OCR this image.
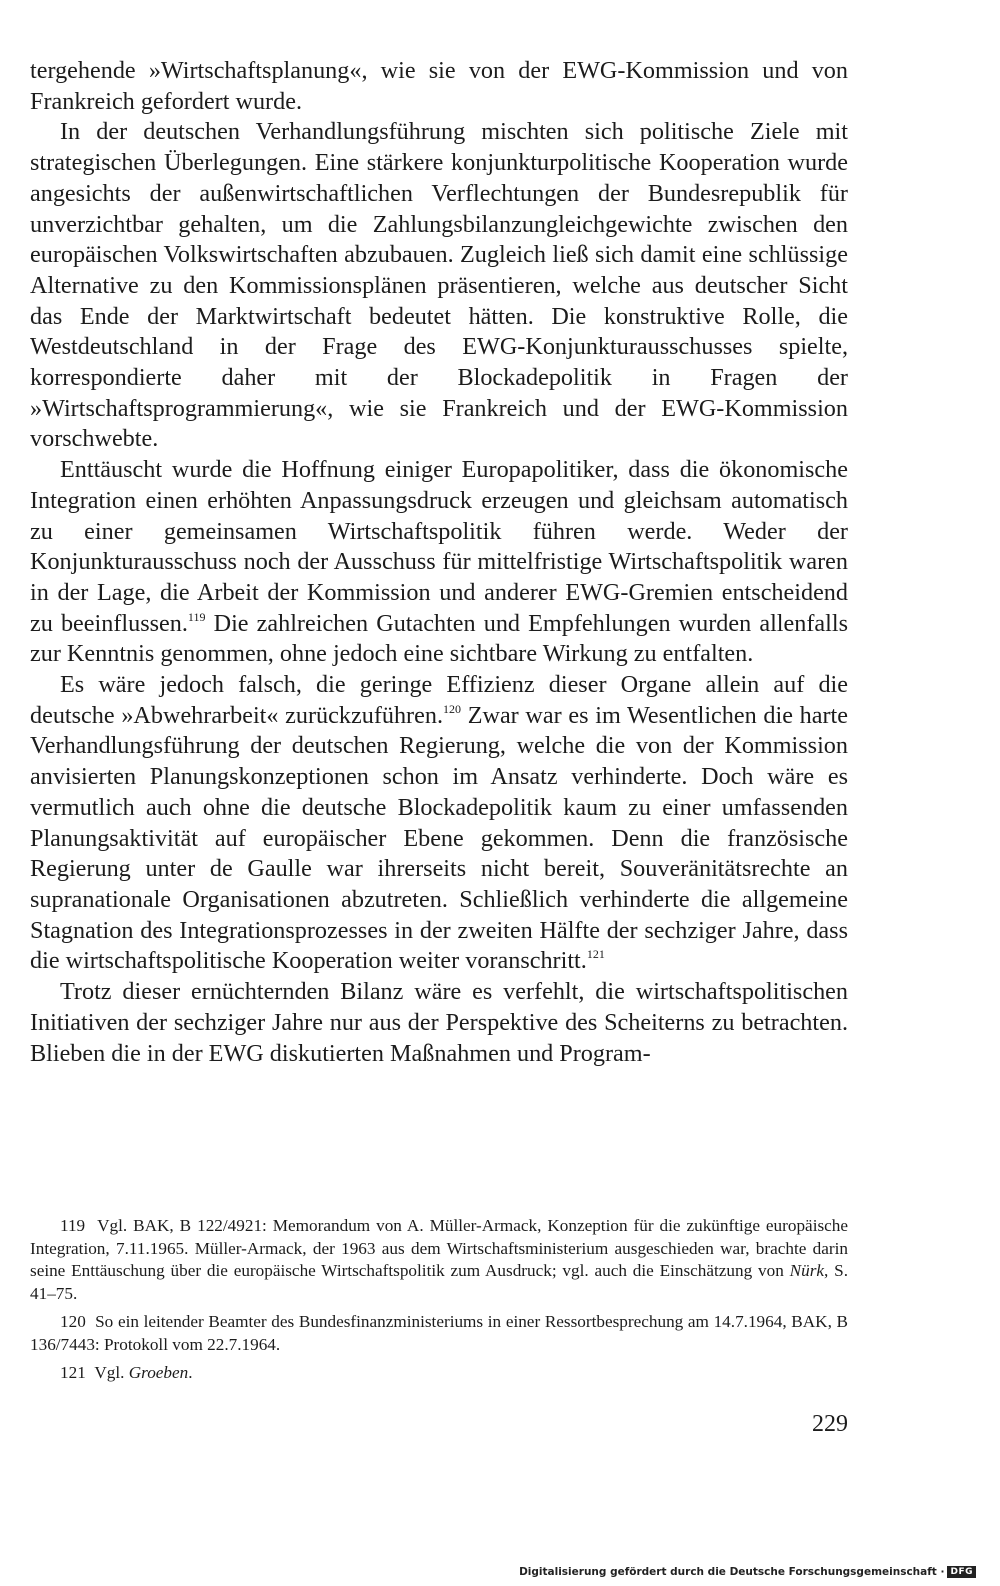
tergehende »Wirtschaftsplanung«, wie sie von der EWG-Kommission und von Frankreich gefordert wurde.

In der deutschen Verhandlungsführung mischten sich politische Ziele mit strategischen Überlegungen. Eine stärkere konjunkturpolitische Kooperation wurde angesichts der außenwirtschaftlichen Verflechtungen der Bundesrepublik für unverzichtbar gehalten, um die Zahlungsbilanzungleichgewichte zwischen den europäischen Volkswirtschaften abzubauen. Zugleich ließ sich damit eine schlüssige Alternative zu den Kommissionsplänen präsentieren, welche aus deutscher Sicht das Ende der Marktwirtschaft bedeutet hätten. Die konstruktive Rolle, die Westdeutschland in der Frage des EWG-Konjunkturausschusses spielte, korrespondierte daher mit der Blockadepolitik in Fragen der »Wirtschaftsprogrammierung«, wie sie Frankreich und der EWG-Kommission vorschwebte.

Enttäuscht wurde die Hoffnung einiger Europapolitiker, dass die ökonomische Integration einen erhöhten Anpassungsdruck erzeugen und gleichsam automatisch zu einer gemeinsamen Wirtschaftspolitik führen werde. Weder der Konjunkturausschuss noch der Ausschuss für mittelfristige Wirtschaftspolitik waren in der Lage, die Arbeit der Kommission und anderer EWG-Gremien entscheidend zu beeinflussen.$^{119}$ Die zahlreichen Gutachten und Empfehlungen wurden allenfalls zur Kenntnis genommen, ohne jedoch eine sichtbare Wirkung zu entfalten.

Es wäre jedoch falsch, die geringe Effizienz dieser Organe allein auf die deutsche »Abwehrarbeit« zurückzuführen.$^{120}$ Zwar war es im Wesentlichen die harte Verhandlungsführung der deutschen Regierung, welche die von der Kommission anvisierten Planungskonzeptionen schon im Ansatz verhinderte. Doch wäre es vermutlich auch ohne die deutsche Blockadepolitik kaum zu einer umfassenden Planungsaktivität auf europäischer Ebene gekommen. Denn die französische Regierung unter de Gaulle war ihrerseits nicht bereit, Souveränitätsrechte an supranationale Organisationen abzutreten. Schließlich verhinderte die allgemeine Stagnation des Integrationsprozesses in der zweiten Hälfte der sechziger Jahre, dass die wirtschaftspolitische Kooperation weiter voranschritt.$^{121}$

Trotz dieser ernüchternden Bilanz wäre es verfehlt, die wirtschaftspolitischen Initiativen der sechziger Jahre nur aus der Perspektive des Scheiterns zu betrachten. Blieben die in der EWG diskutierten Maßnahmen und Program-

119 Vgl. BAK, B 122/4921: Memorandum von A. Müller-Armack, Konzeption für die zukünftige europäische Integration, 7.11.1965. Müller-Armack, der 1963 aus dem Wirtschaftsministerium ausgeschieden war, brachte darin seine Enttäuschung über die europäische Wirtschaftspolitik zum Ausdruck; vgl. auch die Einschätzung von Nürk, S. 41–75.

120 So ein leitender Beamter des Bundesfinanzministeriums in einer Ressortbesprechung am 14.7.1964, BAK, B 136/7443: Protokoll vom 22.7.1964.

121 Vgl. Groeben.

229
Digitalisierung gefördert durch die Deutsche Forschungsgemeinschaft · DFG
